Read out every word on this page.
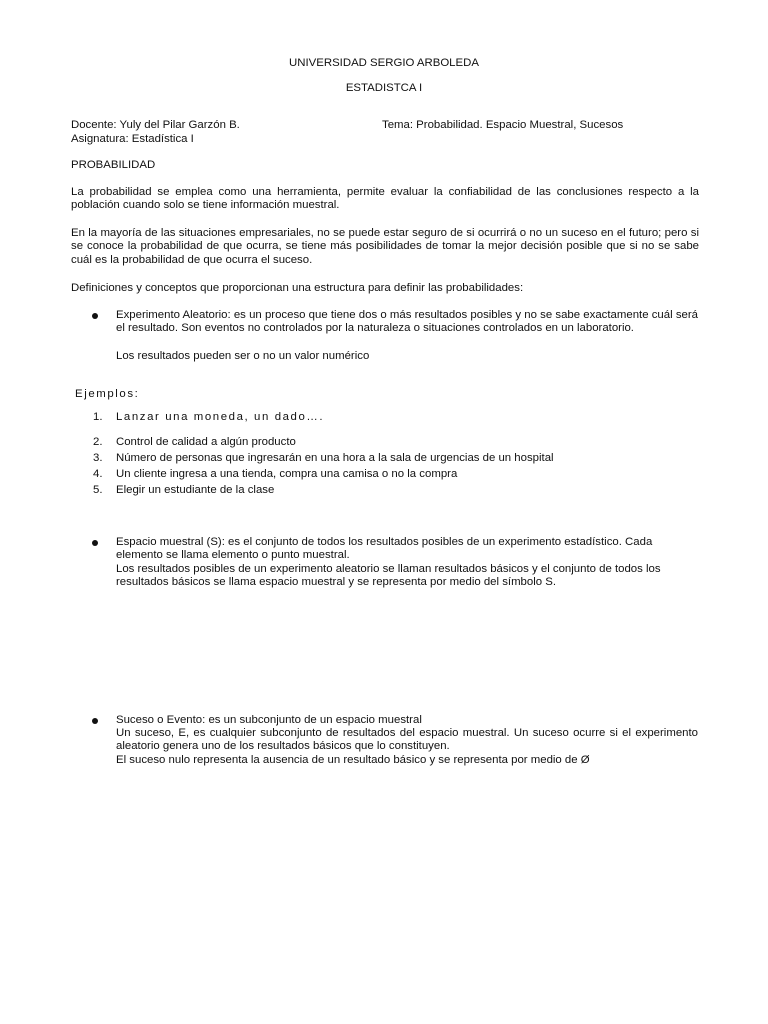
UNIVERSIDAD SERGIO ARBOLEDA
ESTADISTCA I
Docente: Yuly del Pilar Garzón B.	Tema: Probabilidad. Espacio Muestral, Sucesos
Asignatura: Estadística I
PROBABILIDAD

La probabilidad se emplea como una herramienta, permite evaluar la confiabilidad de las conclusiones respecto a la población cuando solo se tiene información muestral.

En la mayoría de las situaciones empresariales, no se puede estar seguro de si ocurrirá o no un suceso en el futuro; pero si se conoce la probabilidad de que ocurra, se tiene más posibilidades de tomar la mejor decisión posible que si no se sabe cuál es la probabilidad de que ocurra el suceso.

Definiciones y conceptos que proporcionan una estructura para definir las probabilidades:

Experimento Aleatorio: es un proceso que tiene dos o más resultados posibles y no se sabe exactamente cuál será el resultado. Son eventos no controlados por la naturaleza o situaciones controlados en un laboratorio.

Los resultados pueden ser o no un valor numérico

Ejemplos:
1. Lanzar una moneda, un dado….
2. Control de calidad a algún producto
3. Número de personas que ingresarán en una hora a la sala de urgencias de un hospital
4. Un cliente ingresa a una tienda, compra una camisa o no la compra
5. Elegir un estudiante de la clase

Espacio muestral (S): es el conjunto de todos los resultados posibles de un experimento estadístico. Cada elemento se llama elemento o punto muestral.

Los resultados posibles de un experimento aleatorio se llaman resultados básicos y el conjunto de todos los resultados básicos se llama espacio muestral y se representa por medio del símbolo S.

Suceso o Evento: es un subconjunto de un espacio muestral

Un suceso, E, es cualquier subconjunto de resultados del espacio muestral. Un suceso ocurre si el experimento aleatorio genera uno de los resultados básicos que lo constituyen.

El suceso nulo representa la ausencia de un resultado básico y se representa por medio de Ø
